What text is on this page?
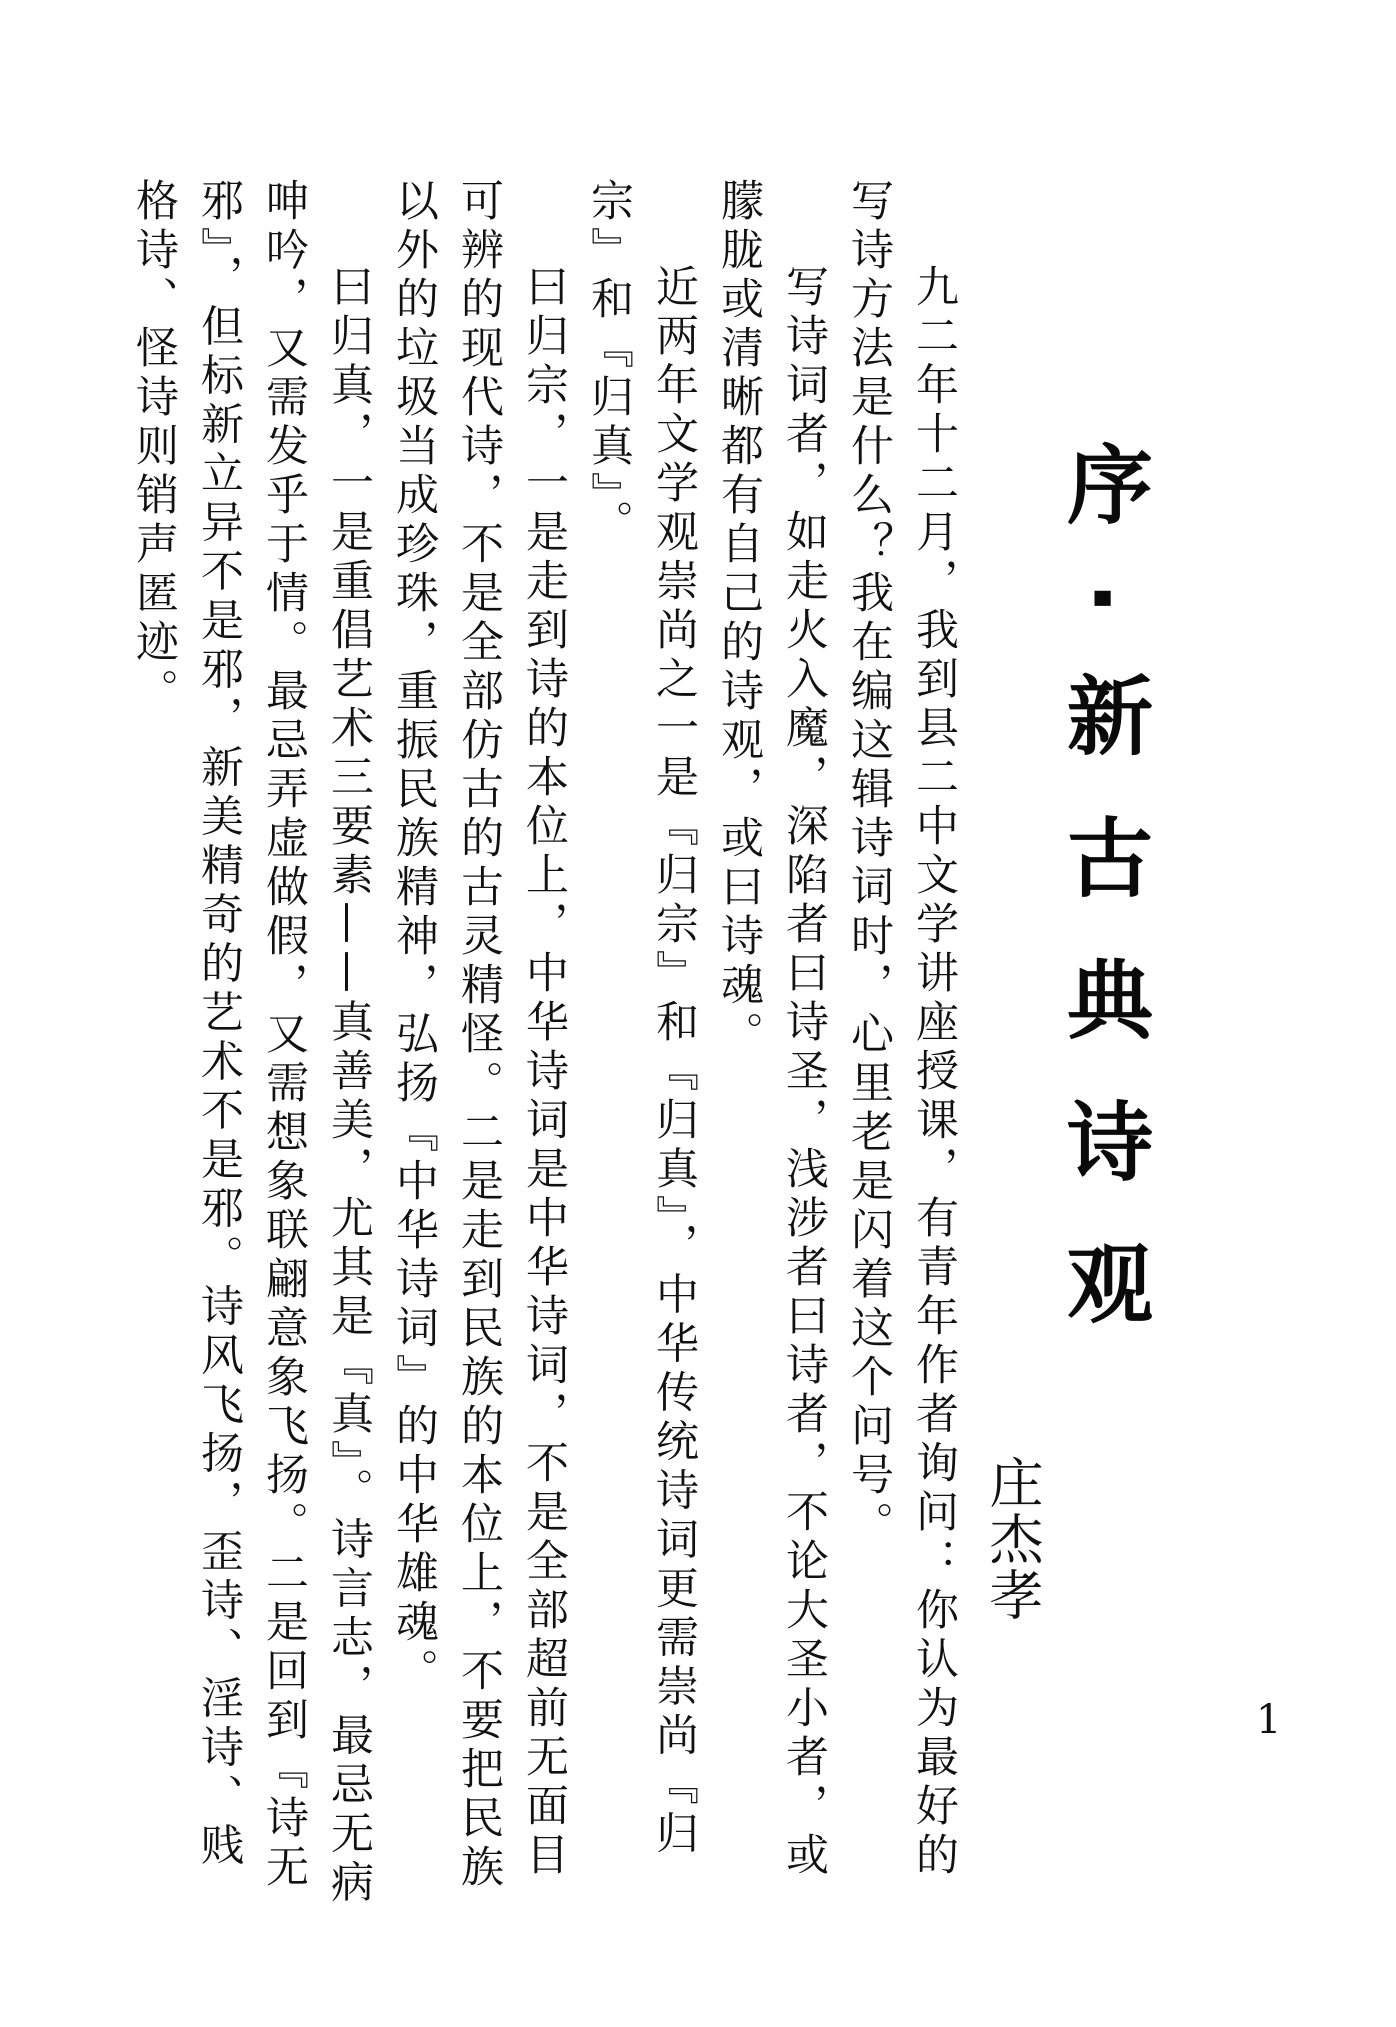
序·新古典诗观
庄杰孝

九二年十二月，我到县二中文学讲座授课，有青年作者询问：你认为最好的写诗方法是什么？我在编这辑诗词时，心里老是闪着这个问号。

写诗词者，如走火入魔，深陷者曰诗圣，浅涉者曰诗者，不论大圣小者，或朦胧或清晰都有自己的诗观，或曰诗魂。

近两年文学观崇尚之一是『归宗』和『归真』，中华传统诗词更需崇尚『归宗』和『归真』。

曰归宗，一是走到诗的本位上，中华诗词是中华诗词，不是全部超前无面目可辨的现代诗，不是全部仿古的古灵精怪。二是走到民族的本位上，不要把民族以外的垃圾当成珍珠，重振民族精神，弘扬『中华诗词』的中华雄魂。

曰归真，一是重倡艺术三要素——真善美，尤其是『真』。诗言志，最忌无病呻吟，又需发乎于情。最忌弄虚做假，又需想象联翩意象飞扬。二是回到『诗无邪』，但标新立异不是邪，新美精奇的艺术不是邪。诗风飞扬，歪诗、淫诗、贱格诗、怪诗则销声匿迹。

1
